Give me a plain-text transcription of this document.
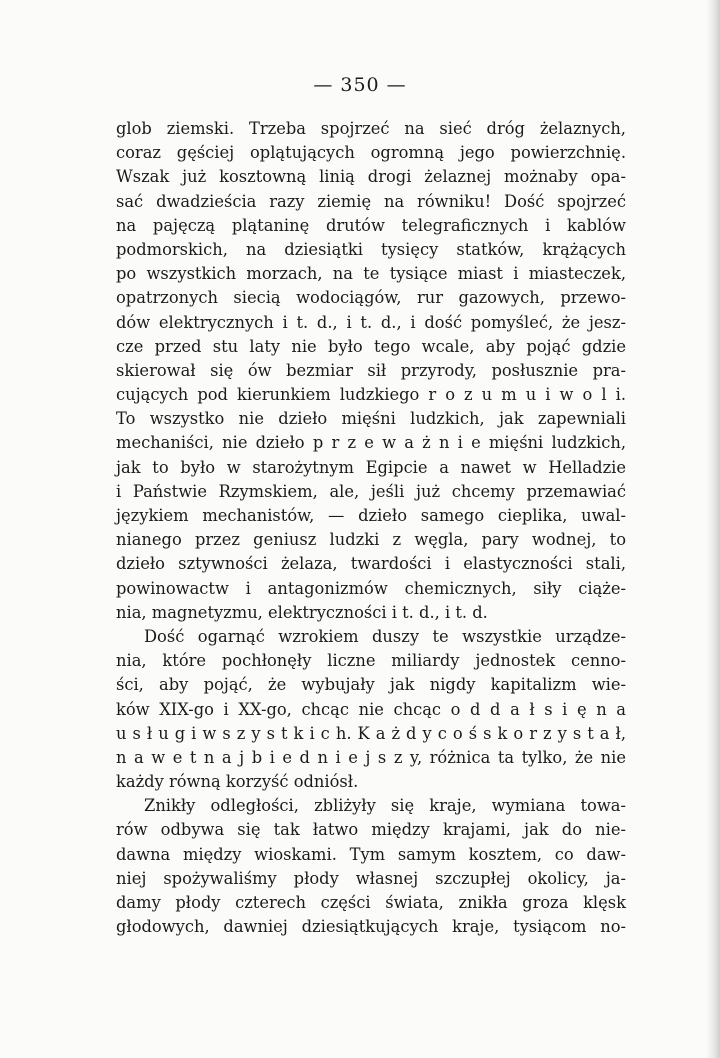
— 350 —
glob ziemski. Trzeba spojrzeć na sieć dróg żelaznych,
coraz gęściej oplątujących ogromną jego powierzchnię.
Wszak już kosztowną linią drogi żelaznej możnaby opa-
sać dwadzieścia razy ziemię na równiku! Dość spojrzeć
na pajęczą plątaninę drutów telegraficznych i kablów
podmorskich, na dziesiątki tysięcy statków, krążących
po wszystkich morzach, na te tysiące miast i miasteczek,
opatrzonych siecią wodociągów, rur gazowych, przewo-
dów elektrycznych i t. d., i t. d., i dość pomyśleć, że jesz-
cze przed stu laty nie było tego wcale, aby pojąć gdzie
skierował się ów bezmiar sił przyrody, posłusznie pra-
cujących pod kierunkiem ludzkiego r o z u m u i w o l i.
To wszystko nie dzieło mięśni ludzkich, jak zapewniali
mechaniści, nie dzieło p r z e w a ż n i e mięśni ludzkich,
jak to było w starożytnym Egipcie a nawet w Helladzie
i Państwie Rzymskiem, ale, jeśli już chcemy przemawiać
językiem mechanistów, — dzieło samego cieplika, uwal-
nianego przez geniusz ludzki z węgla, pary wodnej, to
dzieło sztywności żelaza, twardości i elastyczności stali,
powinowactw i antagonizmów chemicznych, siły ciąże-
nia, magnetyzmu, elektryczności i t. d., i t. d.
Dość ogarnąć wzrokiem duszy te wszystkie urządze-
nia, które pochłonęły liczne miliardy jednostek cenno-
ści, aby pojąć, że wybujały jak nigdy kapitalizm wie-
ków XIX-go i XX-go, chcąc nie chcąc o d d a ł s i ę n a
u s ł u g i w s z y s t k i c h. K a ż d y c o ś s k o r z y s t a ł,
n a w e t n a j b i e d n i e j s z y, różnica ta tylko, że nie
każdy równą korzyść odniósł.
Znikły odległości, zbliżyły się kraje, wymiana towa-
rów odbywa się tak łatwo między krajami, jak do nie-
dawna między wioskami. Tym samym kosztem, co daw-
niej spożywaliśmy płody własnej szczupłej okolicy, ja-
damy płody czterech części świata, znikła groza klęsk
głodowych, dawniej dziesiątkujących kraje, tysiącom no-
